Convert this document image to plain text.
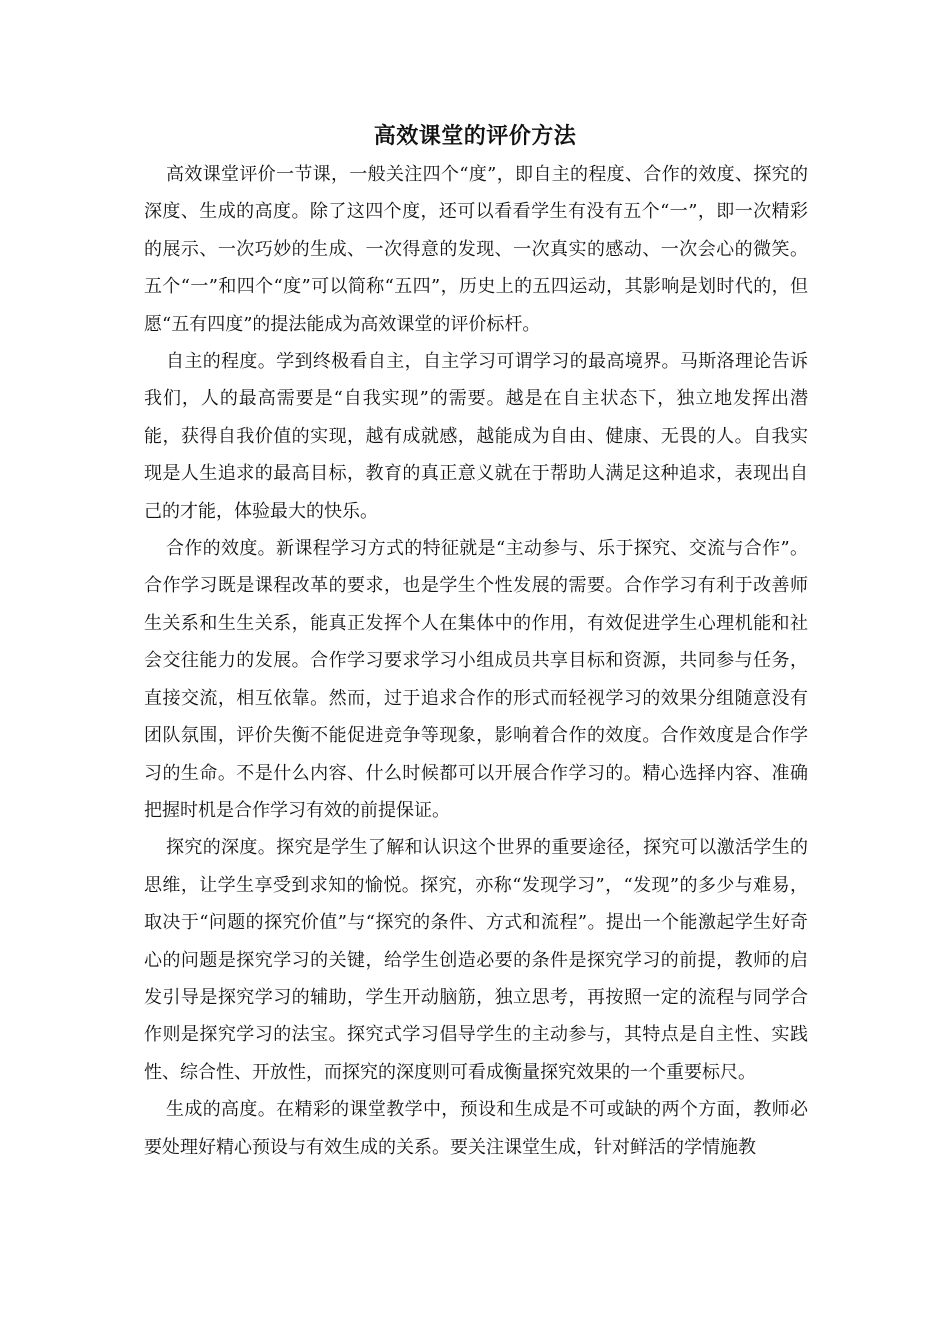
高效课堂的评价方法

高效课堂评价一节课，一般关注四个“度”，即自主的程度、合作的效度、探究的深度、生成的高度。除了这四个度，还可以看看学生有没有五个“一”，即一次精彩的展示、一次巧妙的生成、一次得意的发现、一次真实的感动、一次会心的微笑。五个“一”和四个“度”可以简称“五四”，历史上的五四运动，其影响是划时代的，但愿“五有四度”的提法能成为高效课堂的评价标杆。

自主的程度。学到终极看自主，自主学习可谓学习的最高境界。马斯洛理论告诉我们，人的最高需要是“自我实现”的需要。越是在自主状态下，独立地发挥出潜能，获得自我价值的实现，越有成就感，越能成为自由、健康、无畏的人。自我实现是人生追求的最高目标，教育的真正意义就在于帮助人满足这种追求，表现出自己的才能，体验最大的快乐。

合作的效度。新课程学习方式的特征就是“主动参与、乐于探究、交流与合作”。合作学习既是课程改革的要求，也是学生个性发展的需要。合作学习有利于改善师生关系和生生关系，能真正发挥个人在集体中的作用，有效促进学生心理机能和社会交往能力的发展。合作学习要求学习小组成员共享目标和资源，共同参与任务，直接交流，相互依靠。然而，过于追求合作的形式而轻视学习的效果分组随意没有团队氛围，评价失衡不能促进竞争等现象，影响着合作的效度。合作效度是合作学习的生命。不是什么内容、什么时候都可以开展合作学习的。精心选择内容、准确把握时机是合作学习有效的前提保证。

探究的深度。探究是学生了解和认识这个世界的重要途径，探究可以激活学生的思维，让学生享受到求知的愉悦。探究，亦称“发现学习”，“发现”的多少与难易，取决于“问题的探究价值”与“探究的条件、方式和流程”。提出一个能激起学生好奇心的问题是探究学习的关键，给学生创造必要的条件是探究学习的前提，教师的启发引导是探究学习的辅助，学生开动脑筋，独立思考，再按照一定的流程与同学合作则是探究学习的法宝。探究式学习倡导学生的主动参与，其特点是自主性、实践性、综合性、开放性，而探究的深度则可看成衡量探究效果的一个重要标尺。

生成的高度。在精彩的课堂教学中，预设和生成是不可或缺的两个方面，教师必要处理好精心预设与有效生成的关系。要关注课堂生成，针对鲜活的学情施教
